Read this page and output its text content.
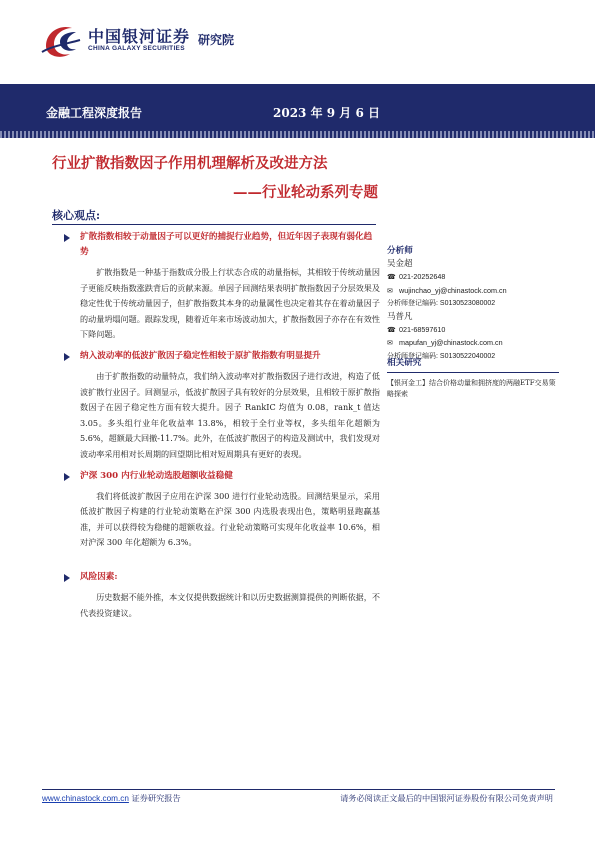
中国银河证券
CHINA GALAXY SECURITIES
研究院
金融工程深度报告	2023 年 9 月 6 日
行业扩散指数因子作用机理解析及改进方法
——行业轮动系列专题
核心观点:
扩散指数相较于动量因子可以更好的捕捉行业趋势，但近年因子表现有弱化趋势
扩散指数是一种基于指数成分股上行状态合成的动量指标，其相较于传统动量因子更能反映指数涨跌背后的贡献来源。单因子回测结果表明扩散指数因子分层效果及稳定性优于传统动量因子，但扩散指数其本身的动量属性也决定着其存在着动量因子的动量坍塌问题。跟踪发现，随着近年来市场波动加大，扩散指数因子亦存在有效性下降问题。
纳入波动率的低波扩散因子稳定性相较于原扩散指数有明显提升
由于扩散指数的动量特点，我们纳入波动率对扩散指数因子进行改进，构造了低波扩散行业因子。回测显示，低波扩散因子具有较好的分层效果，且相较于原扩散指数因子在因子稳定性方面有较大提升。因子 RankIC 均值为 0.08，rank_t 值达 3.05。多头组行业年化收益率 13.8%，相较于全行业等权，多头组年化超额为 5.6%，超额最大回撤-11.7%。此外，在低波扩散因子的构造及测试中，我们发现对波动率采用相对长周期的回望期比相对短周期具有更好的表现。
沪深 300 内行业轮动选股超额收益稳健
我们将低波扩散因子应用在沪深 300 进行行业轮动选股。回测结果显示，采用低波扩散因子构建的行业轮动策略在沪深 300 内选股表现出色，策略明显跑赢基准，并可以获得较为稳健的超额收益。行业轮动策略可实现年化收益率 10.6%，相对沪深 300 年化超额为 6.3%。
风险因素:
历史数据不能外推，本文仅提供数据统计和以历史数据测算提供的判断依据，不代表投资建议。
分析师
吴金超
☎ 021-20252648
✉ wujinchao_yj@chinastock.com.cn
分析师登记编码: S0130523080002
马普凡
☎ 021-68597610
✉ mapufan_yj@chinastock.com.cn
分析师登记编码: S0130522040002
相关研究
【银河金工】结合价格动量和拥挤度的两融ETF交易策略探索
www.chinastock.com.cn 证券研究报告	请务必阅读正文最后的中国银河证券股份有限公司免责声明
